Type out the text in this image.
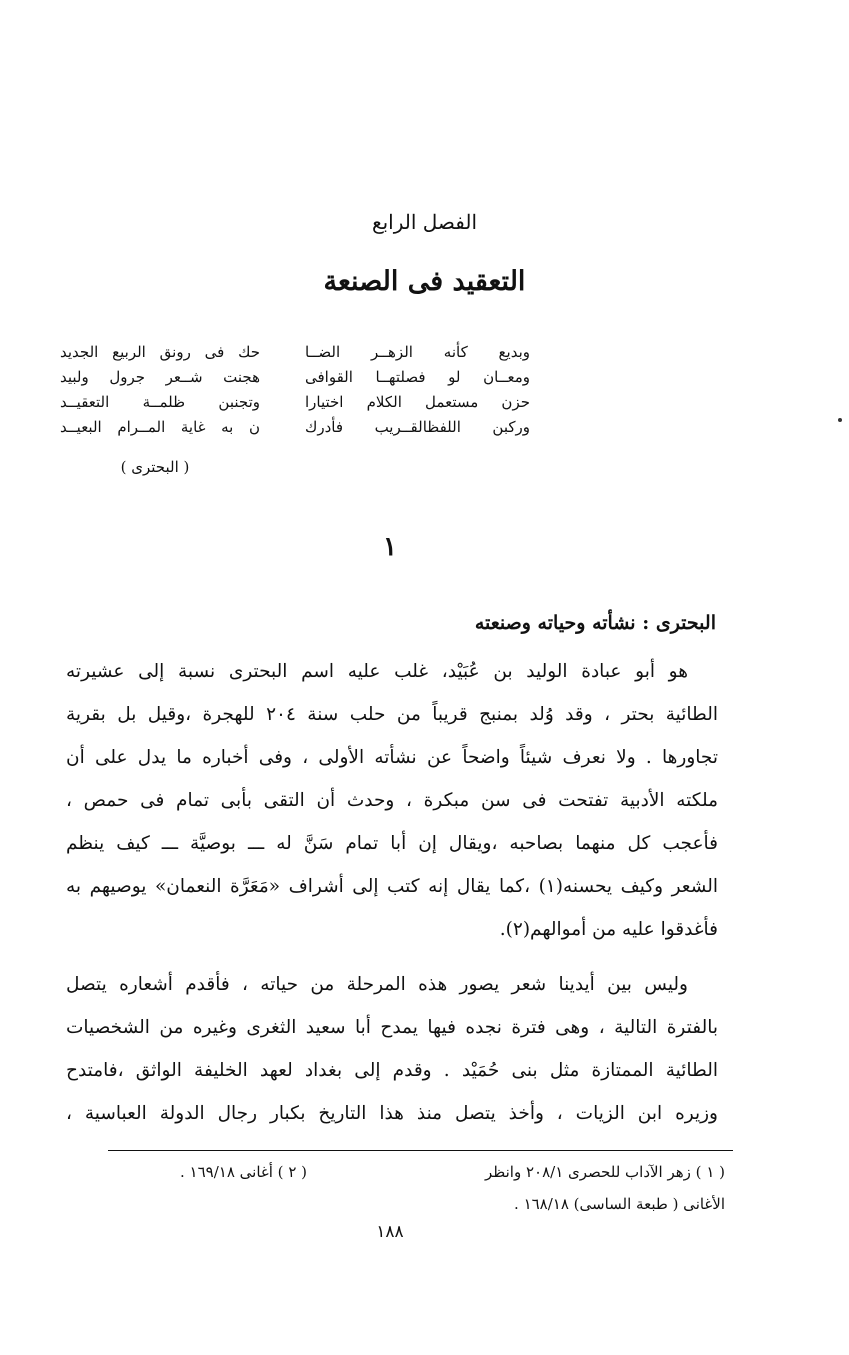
الفصل الرابع
التعقيد فى الصنعة
وبديع كأنه الزهــر الضــا
حك فى رونق الربيع الجديد
ومعــان لو فصلتهــا القوافى
هجنت شــعر جرول ولبيد
حزن مستعمل الكلام اختيارا
وتجنبن ظلمــة التعقيــد
وركبن اللفظالقــريب فأدرك
ن به غاية المــرام البعيــد
( البحترى )
١
البحترى : نشأته وحياته وصنعته
هو أبو عبادة الوليد بن عُبَيْد، غلب عليه اسم البحترى نسبة إلى عشيرته
الطائية بحتر ، وقد وُلد بمنبج قريباً من حلب سنة ٢٠٤ للهجرة ،وقيل بل بقرية
تجاورها . ولا نعرف شيئاً واضحاً عن نشأته الأولى ، وفى أخباره ما يدل على أن
ملكته الأدبية تفتحت فى سن مبكرة ، وحدث أن التقى بأبى تمام فى حمص ،
فأعجب كل منهما بصاحبه ،ويقال إن أبا تمام سَنَّ له ـــ بوصيَّة ـــ كيف ينظم
الشعر وكيف يحسنه(١) ،كما يقال إنه كتب إلى أشراف «مَعَرَّة النعمان» يوصيهم به
فأغدقوا عليه من أموالهم(٢).
وليس بين أيدينا شعر يصور هذه المرحلة من حياته ، فأقدم أشعاره يتصل
بالفترة التالية ، وهى فترة نجده فيها يمدح أبا سعيد الثغرى وغيره من الشخصيات
الطائية الممتازة مثل بنى حُمَيْد . وقدم إلى بغداد لعهد الخليفة الواثق ،فامتدح
وزيره ابن الزيات ، وأخذ يتصل منذ هذا التاريخ بكبار رجال الدولة العباسية ،
( ١ ) زهر الآداب للحصرى ٢٠٨/١ وانظر
( ٢ ) أغانى ١٦٩/١٨ .
الأغانى ( طبعة الساسى) ١٦٨/١٨ .
١٨٨
